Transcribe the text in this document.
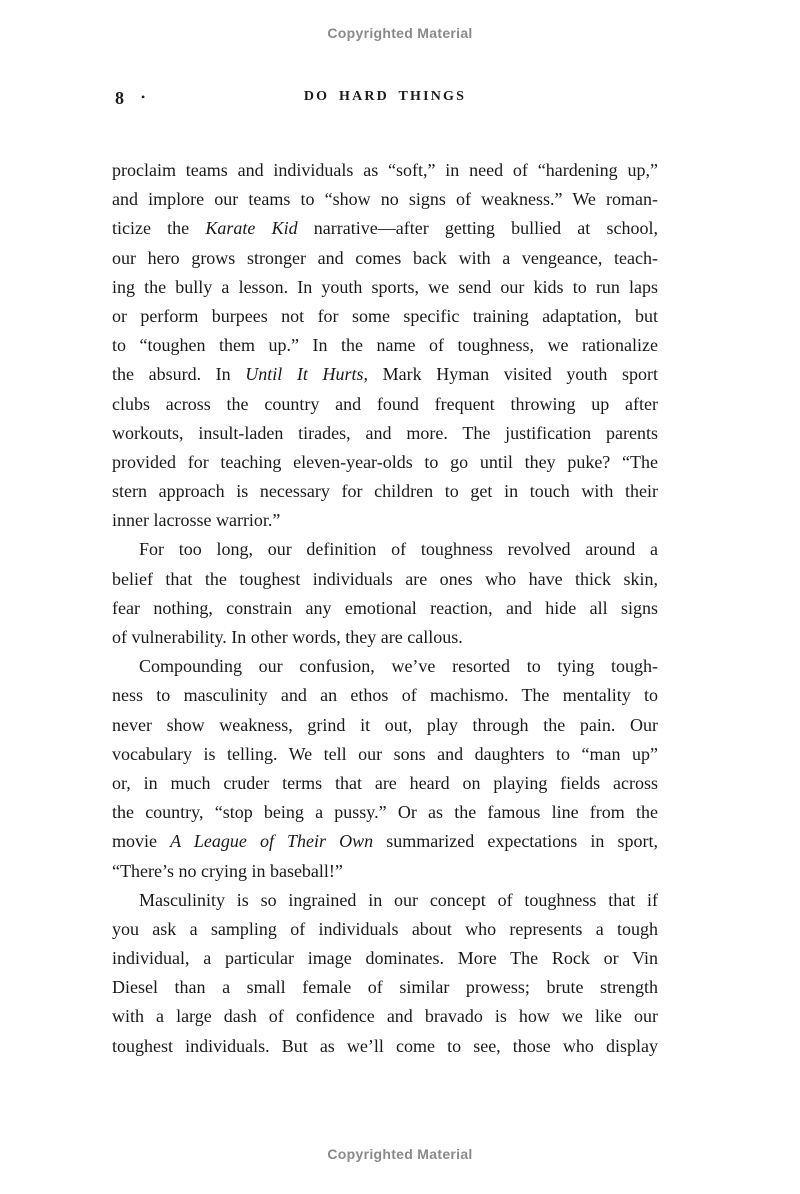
Copyrighted Material
8 •	DO HARD THINGS
proclaim teams and individuals as “soft,” in need of “hardening up,”
and implore our teams to “show no signs of weakness.” We roman-
ticize the Karate Kid narrative—after getting bullied at school,
our hero grows stronger and comes back with a vengeance, teach-
ing the bully a lesson. In youth sports, we send our kids to run laps
or perform burpees not for some specific training adaptation, but
to “toughen them up.” In the name of toughness, we rationalize
the absurd. In Until It Hurts, Mark Hyman visited youth sport
clubs across the country and found frequent throwing up after
workouts, insult-laden tirades, and more. The justification parents
provided for teaching eleven-year-olds to go until they puke? “The
stern approach is necessary for children to get in touch with their
inner lacrosse warrior.”
For too long, our definition of toughness revolved around a
belief that the toughest individuals are ones who have thick skin,
fear nothing, constrain any emotional reaction, and hide all signs
of vulnerability. In other words, they are callous.
Compounding our confusion, we’ve resorted to tying tough-
ness to masculinity and an ethos of machismo. The mentality to
never show weakness, grind it out, play through the pain. Our
vocabulary is telling. We tell our sons and daughters to “man up”
or, in much cruder terms that are heard on playing fields across
the country, “stop being a pussy.” Or as the famous line from the
movie A League of Their Own summarized expectations in sport,
“There’s no crying in baseball!”
Masculinity is so ingrained in our concept of toughness that if
you ask a sampling of individuals about who represents a tough
individual, a particular image dominates. More The Rock or Vin
Diesel than a small female of similar prowess; brute strength
with a large dash of confidence and bravado is how we like our
toughest individuals. But as we’ll come to see, those who display
Copyrighted Material
